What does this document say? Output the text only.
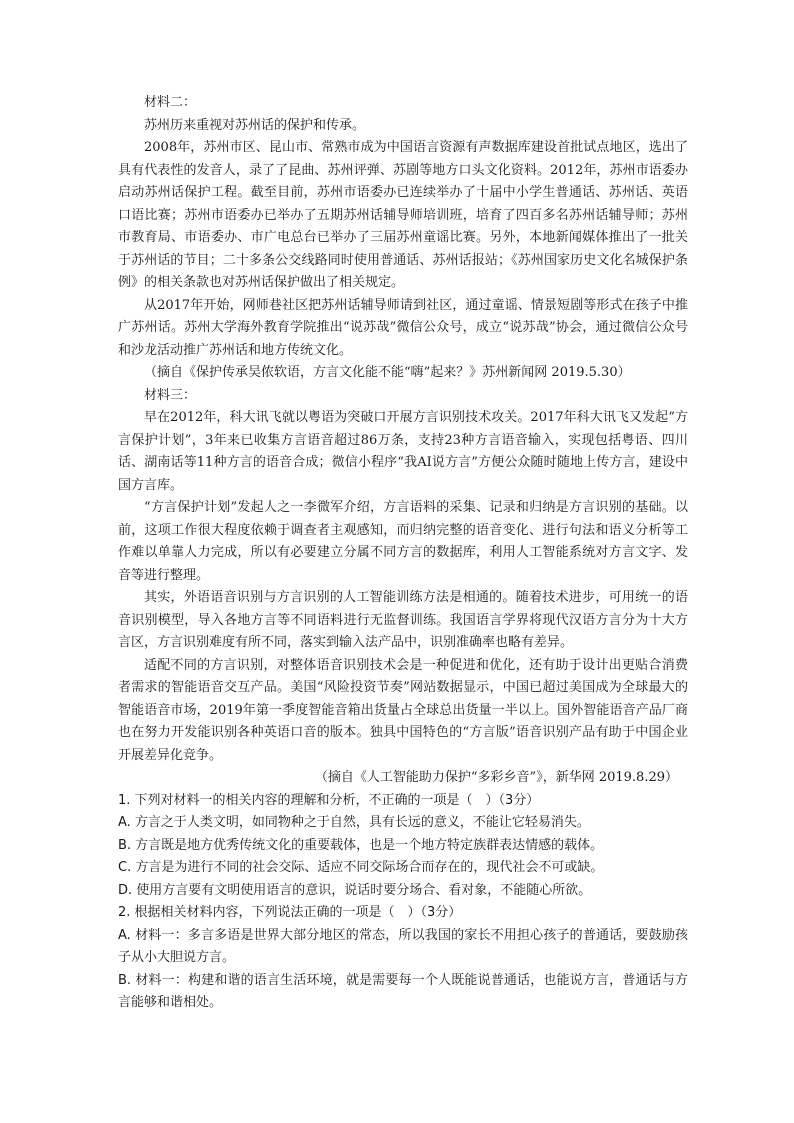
材料二：

苏州历来重视对苏州话的保护和传承。

2008年，苏州市区、昆山市、常熟市成为中国语言资源有声数据库建设首批试点地区，选出了具有代表性的发音人，录了了昆曲、苏州评弹、苏剧等地方口头文化资料。2012年，苏州市语委办启动苏州话保护工程。截至目前，苏州市语委办已连续举办了十届中小学生普通话、苏州话、英语口语比赛；苏州市语委办已举办了五期苏州话辅导师培训班，培育了四百多名苏州话辅导师；苏州市教育局、市语委办、市广电总台已举办了三届苏州童谣比赛。另外，本地新闻媒体推出了一批关于苏州话的节目；二十多条公交线路同时使用普通话、苏州话报站；《苏州国家历史文化名城保护条例》的相关条款也对苏州话保护做出了相关规定。

从2017年开始，网师巷社区把苏州话辅导师请到社区，通过童谣、情景短剧等形式在孩子中推广苏州话。苏州大学海外教育学院推出“说苏哉”微信公众号，成立“说苏哉”协会，通过微信公众号和沙龙活动推广苏州话和地方传统文化。

（摘自《保护传承吴侬软语，方言文化能不能“嗨”起来？》苏州新闻网 2019.5.30）

材料三：

早在2012年，科大讯飞就以粤语为突破口开展方言识别技术攻关。2017年科大讯飞又发起“方言保护计划”，3年来已收集方言语音超过86万条，支持23种方言语音输入，实现包括粤语、四川话、湖南话等11种方言的语音合成；微信小程序“我AI说方言”方便公众随时随地上传方言，建设中国方言库。

“方言保护计划”发起人之一李微军介绍，方言语料的采集、记录和归纳是方言识别的基础。以前，这项工作很大程度依赖于调查者主观感知，而归纳完整的语音变化、进行句法和语义分析等工作难以单靠人力完成，所以有必要建立分属不同方言的数据库，利用人工智能系统对方言文字、发音等进行整理。

其实，外语语音识别与方言识别的人工智能训练方法是相通的。随着技术进步，可用统一的语音识别模型，导入各地方言等不同语料进行无监督训练。我国语言学界将现代汉语方言分为十大方言区，方言识别难度有所不同，落实到输入法产品中，识别准确率也略有差异。

适配不同的方言识别，对整体语音识别技术会是一种促进和优化，还有助于设计出更贴合消费者需求的智能语音交互产品。美国“风险投资节奏”网站数据显示，中国已超过美国成为全球最大的智能语音市场，2019年第一季度智能音箱出货量占全球总出货量一半以上。国外智能语音产品厂商也在努力开发能识别各种英语口音的版本。独具中国特色的“方言版”语音识别产品有助于中国企业开展差异化竞争。

（摘自《人工智能助力保护“多彩乡音”》，新华网 2019.8.29）

1. 下列对材料一的相关内容的理解和分析，不正确的一项是（　）（3分）

A. 方言之于人类文明，如同物种之于自然，具有长远的意义，不能让它轻易消失。

B. 方言既是地方优秀传统文化的重要载体，也是一个地方特定族群表达情感的载体。

C. 方言是为进行不同的社会交际、适应不同交际场合而存在的，现代社会不可或缺。

D. 使用方言要有文明使用语言的意识，说话时要分场合、看对象，不能随心所欲。

2. 根据相关材料内容，下列说法正确的一项是（　）（3分）

A. 材料一：多言多语是世界大部分地区的常态，所以我国的家长不用担心孩子的普通话，要鼓励孩子从小大胆说方言。

B. 材料一：构建和谐的语言生活环境，就是需要每一个人既能说普通话，也能说方言，普通话与方言能够和谐相处。
